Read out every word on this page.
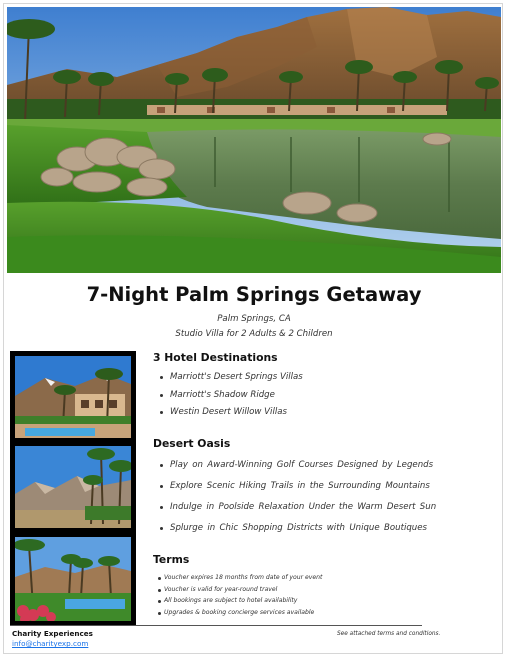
7-Night Palm Springs Getaway
Palm Springs, CA
Studio Villa for 2 Adults & 2 Children
3 Hotel Destinations
Marriott's Desert Springs Villas
Marriott's Shadow Ridge
Westin Desert Willow Villas
Desert Oasis
Play on Award-Winning Golf Courses Designed by Legends
Explore Scenic Hiking Trails in the Surrounding Mountains
Indulge in Poolside Relaxation Under the Warm Desert Sun
Splurge in Chic Shopping Districts with Unique Boutiques
Terms
Voucher expires 18 months from date of your event
Voucher is valid for year-round travel
All bookings are subject to hotel availability
Upgrades & booking concierge services available
Charity Experiences
info@charityexp.com
See attached terms and conditions.
